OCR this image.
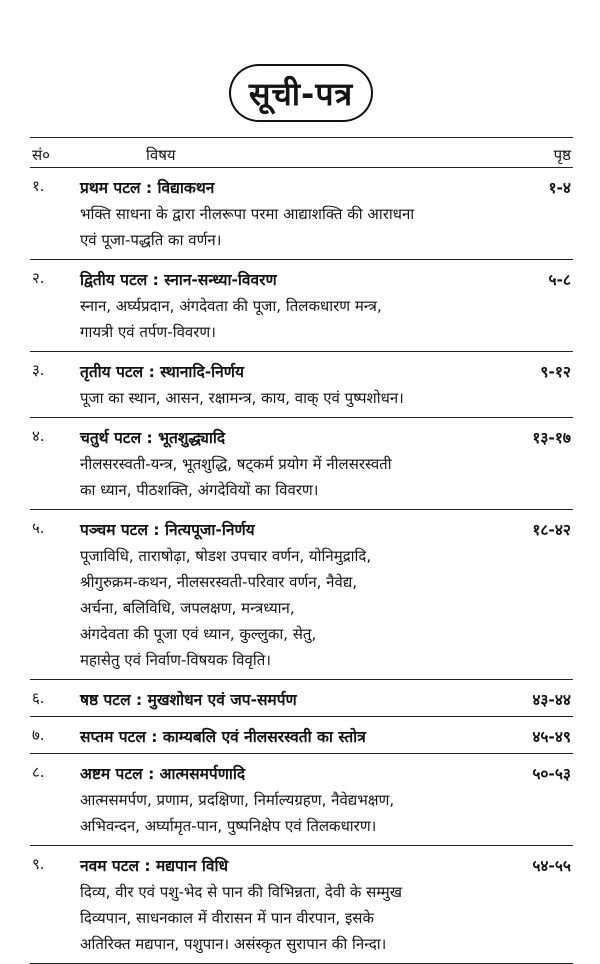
सूची-पत्र
सं०	विषय	पृष्ठ
१. प्रथम पटल : विद्याकथन	१-४
भक्ति साधना के द्वारा नीलरूपा परमा आद्याशक्ति की आराधना
एवं पूजा-पद्धति का वर्णन।
२. द्वितीय पटल : स्नान-सन्ध्या-विवरण	५-८
स्नान, अर्घ्यप्रदान, अंगदेवता की पूजा, तिलकधारण मन्त्र,
गायत्री एवं तर्पण-विवरण।
३. तृतीय पटल : स्थानादि-निर्णय	९-१२
पूजा का स्थान, आसन, रक्षामन्त्र, काय, वाक् एवं पुष्पशोधन।
४. चतुर्थ पटल : भूतशुद्ध्यादि	१३-१७
नीलसरस्वती-यन्त्र, भूतशुद्धि, षट्कर्म प्रयोग में नीलसरस्वती
का ध्यान, पीठशक्ति, अंगदेवियों का विवरण।
५. पञ्चम पटल : नित्यपूजा-निर्णय	१८-४२
पूजाविधि, ताराषोढ़ा, षोडश उपचार वर्णन, योनिमुद्रादि,
श्रीगुरुक्रम-कथन, नीलसरस्वती-परिवार वर्णन, नैवेद्य,
अर्चना, बलिविधि, जपलक्षण, मन्त्रध्यान,
अंगदेवता की पूजा एवं ध्यान, कुल्लुका, सेतु,
महासेतु एवं निर्वाण-विषयक विवृति।
६. षष्ठ पटल : मुखशोधन एवं जप-समर्पण	४३-४४
७. सप्तम पटल : काम्यबलि एवं नीलसरस्वती का स्तोत्र	४५-४९
८. अष्टम पटल : आत्मसमर्पणादि	५०-५३
आत्मसमर्पण, प्रणाम, प्रदक्षिणा, निर्माल्यग्रहण, नैवेद्यभक्षण,
अभिवन्दन, अर्घ्यामृत-पान, पुष्पनिक्षेप एवं तिलकधारण।
९. नवम पटल : मद्यपान विधि	५४-५५
दिव्य, वीर एवं पशु-भेद से पान की विभिन्नता, देवी के सम्मुख
दिव्यपान, साधनकाल में वीरासन में पान वीरपान, इसके
अतिरिक्त मद्यपान, पशुपान। असंस्कृत सुरापान की निन्दा।
